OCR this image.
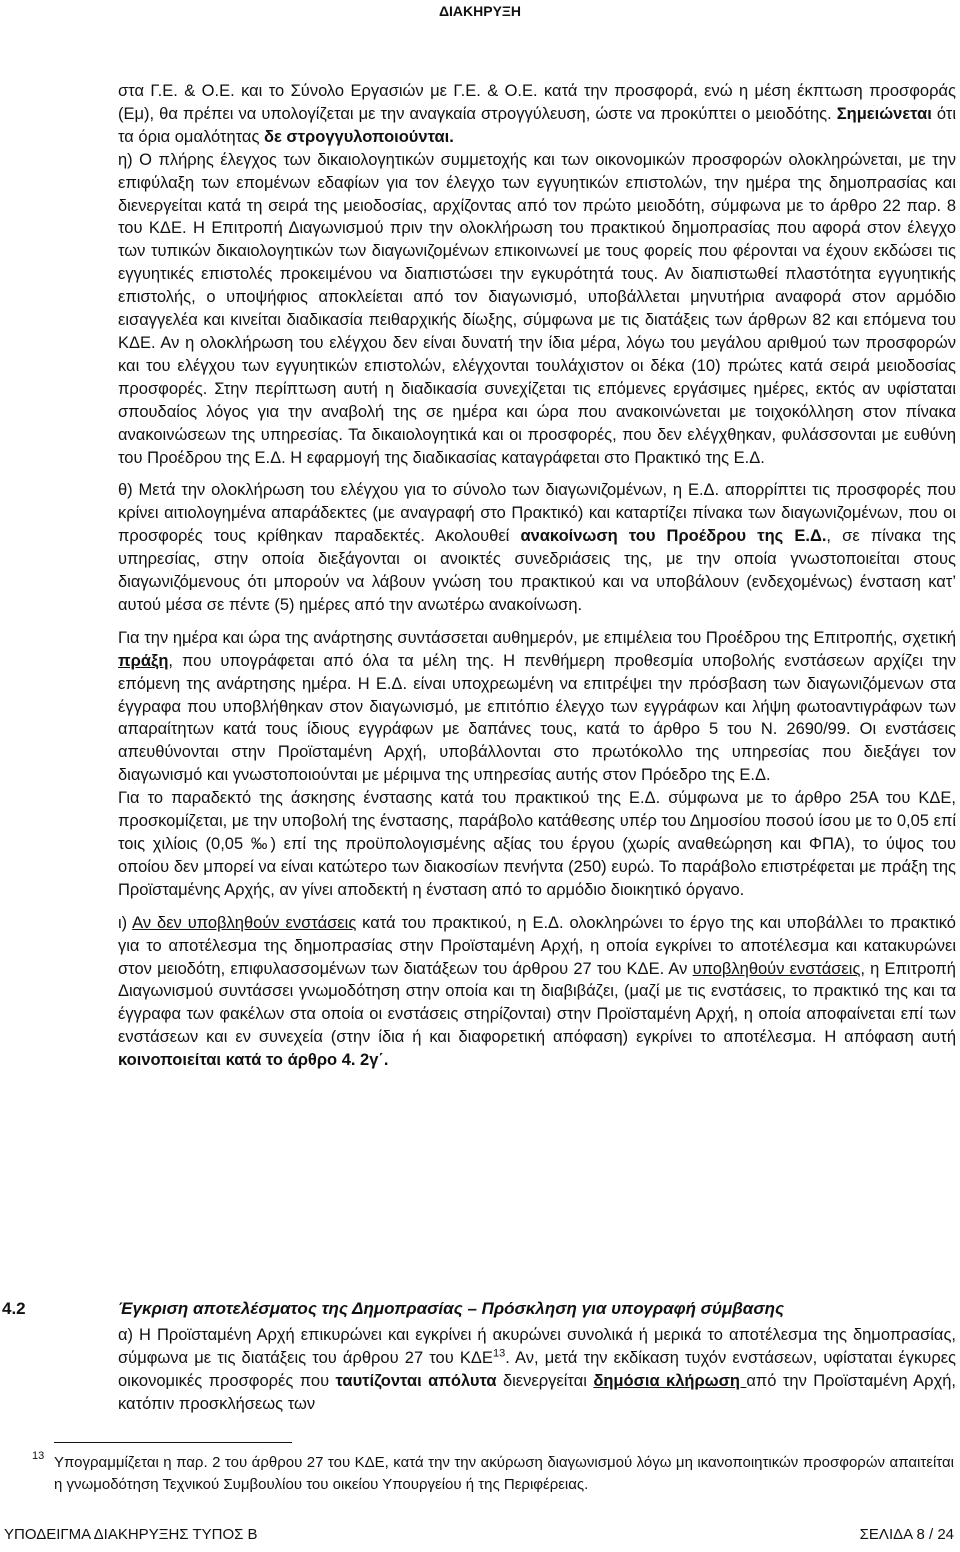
ΔΙΑΚΗΡΥΞΗ

στα Γ.Ε. & Ο.Ε. και το Σύνολο Εργασιών με Γ.Ε. & Ο.Ε. κατά την προσφορά, ενώ η μέση έκπτωση προσφοράς (Εμ), θα πρέπει να υπολογίζεται με την αναγκαία στρογγύλευση, ώστε να προκύπτει ο μειοδότης. Σημειώνεται ότι τα όρια ομαλότητας δε στρογγυλοποιούνται.

η) Ο πλήρης έλεγχος των δικαιολογητικών συμμετοχής και των οικονομικών προσφορών ολοκληρώνεται, με την επιφύλαξη των επομένων εδαφίων για τον έλεγχο των εγγυητικών επιστολών, την ημέρα της δημοπρασίας και διενεργείται κατά τη σειρά της μειοδοσίας, αρχίζοντας από τον πρώτο μειοδότη, σύμφωνα με το άρθρο 22 παρ. 8 του ΚΔΕ. Η Επιτροπή Διαγωνισμού πριν την ολοκλήρωση του πρακτικού δημοπρασίας που αφορά στον έλεγχο των τυπικών δικαιολογητικών των διαγωνιζομένων επικοινωνεί με τους φορείς που φέρονται να έχουν εκδώσει τις εγγυητικές επιστολές προκειμένου να διαπιστώσει την εγκυρότητά τους. Αν διαπιστωθεί πλαστότητα εγγυητικής επιστολής, ο υποψήφιος αποκλείεται από τον διαγωνισμό, υποβάλλεται μηνυτήρια αναφορά στον αρμόδιο εισαγγελέα και κινείται διαδικασία πειθαρχικής δίωξης, σύμφωνα με τις διατάξεις των άρθρων 82 και επόμενα του ΚΔΕ. Αν η ολοκλήρωση του ελέγχου δεν είναι δυνατή την ίδια μέρα, λόγω του μεγάλου αριθμού των προσφορών και του ελέγχου των εγγυητικών επιστολών, ελέγχονται τουλάχιστον οι δέκα (10) πρώτες κατά σειρά μειοδοσίας προσφορές. Στην περίπτωση αυτή η διαδικασία συνεχίζεται τις επόμενες εργάσιμες ημέρες, εκτός αν υφίσταται σπουδαίος λόγος για την αναβολή της σε ημέρα και ώρα που ανακοινώνεται με τοιχοκόλληση στον πίνακα ανακοινώσεων της υπηρεσίας. Τα δικαιολογητικά και οι προσφορές, που δεν ελέγχθηκαν, φυλάσσονται με ευθύνη του Προέδρου της Ε.Δ. Η εφαρμογή της διαδικασίας καταγράφεται στο Πρακτικό της Ε.Δ.

θ) Μετά την ολοκλήρωση του ελέγχου για το σύνολο των διαγωνιζομένων, η Ε.Δ. απορρίπτει τις προσφορές που κρίνει αιτιολογημένα απαράδεκτες (με αναγραφή στο Πρακτικό) και καταρτίζει πίνακα των διαγωνιζομένων, που οι προσφορές τους κρίθηκαν παραδεκτές. Ακολουθεί ανακοίνωση του Προέδρου της Ε.Δ., σε πίνακα της υπηρεσίας, στην οποία διεξάγονται οι ανοικτές συνεδριάσεις της, με την οποία γνωστοποιείται στους διαγωνιζόμενους ότι μπορούν να λάβουν γνώση του πρακτικού και να υποβάλουν (ενδεχομένως) ένσταση κατ’ αυτού μέσα σε πέντε (5) ημέρες από την ανωτέρω ανακοίνωση.

Για την ημέρα και ώρα της ανάρτησης συντάσσεται αυθημερόν, με επιμέλεια του Προέδρου της Επιτροπής, σχετική πράξη, που υπογράφεται από όλα τα μέλη της. Η πενθήμερη προθεσμία υποβολής ενστάσεων αρχίζει την επόμενη της ανάρτησης ημέρα. Η Ε.Δ. είναι υποχρεωμένη να επιτρέψει την πρόσβαση των διαγωνιζόμενων στα έγγραφα που υποβλήθηκαν στον διαγωνισμό, με επιτόπιο έλεγχο των εγγράφων και λήψη φωτοαντιγράφων των απαραίτητων κατά τους ίδιους εγγράφων με δαπάνες τους, κατά το άρθρο 5 του Ν. 2690/99. Οι ενστάσεις απευθύνονται στην Προϊσταμένη Αρχή, υποβάλλονται στο πρωτόκολλο της υπηρεσίας που διεξάγει τον διαγωνισμό και γνωστοποιούνται με μέριμνα της υπηρεσίας αυτής στον Πρόεδρο της Ε.Δ.

Για το παραδεκτό της άσκησης ένστασης κατά του πρακτικού της Ε.Δ. σύμφωνα με το άρθρο 25Α του ΚΔΕ, προσκομίζεται, με την υποβολή της ένστασης, παράβολο κατάθεσης υπέρ του Δημοσίου ποσού ίσου με το 0,05 επί τοις χιλίοις (0,05 ‰) επί της προϋπολογισμένης αξίας του έργου (χωρίς αναθεώρηση και ΦΠΑ), το ύψος του οποίου δεν μπορεί να είναι κατώτερο των διακοσίων πενήντα (250) ευρώ. Το παράβολο επιστρέφεται με πράξη της Προϊσταμένης Αρχής, αν γίνει αποδεκτή η ένσταση από το αρμόδιο διοικητικό όργανο.

ι) Αν δεν υποβληθούν ενστάσεις κατά του πρακτικού, η Ε.Δ. ολοκληρώνει το έργο της και υποβάλλει το πρακτικό για το αποτέλεσμα της δημοπρασίας στην Προϊσταμένη Αρχή, η οποία εγκρίνει το αποτέλεσμα και κατακυρώνει στον μειοδότη, επιφυλασσομένων των διατάξεων του άρθρου 27 του ΚΔΕ. Αν υποβληθούν ενστάσεις, η Επιτροπή Διαγωνισμού συντάσσει γνωμοδότηση στην οποία και τη διαβιβάζει, (μαζί με τις ενστάσεις, το πρακτικό της και τα έγγραφα των φακέλων στα οποία οι ενστάσεις στηρίζονται) στην Προϊσταμένη Αρχή, η οποία αποφαίνεται επί των ενστάσεων και εν συνεχεία (στην ίδια ή και διαφορετική απόφαση) εγκρίνει το αποτέλεσμα. Η απόφαση αυτή κοινοποιείται κατά το άρθρο 4. 2γ΄.

4.2	Έγκριση αποτελέσματος της Δημοπρασίας – Πρόσκληση για υπογραφή σύμβασης

α) Η Προϊσταμένη Αρχή επικυρώνει και εγκρίνει ή ακυρώνει συνολικά ή μερικά το αποτέλεσμα της δημοπρασίας, σύμφωνα με τις διατάξεις του άρθρου 27 του ΚΔΕ$^{13}$. Αν, μετά την εκδίκαση τυχόν ενστάσεων, υφίσταται έγκυρες οικονομικές προσφορές που ταυτίζονται απόλυτα διενεργείται δημόσια κλήρωση από την Προϊσταμένη Αρχή, κατόπιν προσκλήσεως των

13 Υπογραμμίζεται η παρ. 2 του άρθρου 27 του ΚΔΕ, κατά την την ακύρωση διαγωνισμού λόγω μη ικανοποιητικών προσφορών απαιτείται η γνωμοδότηση Τεχνικού Συμβουλίου του οικείου Υπουργείου ή της Περιφέρειας.
ΥΠΟΔΕΙΓΜΑ ΔΙΑΚΗΡΥΞΗΣ ΤΥΠΟΣ Β	ΣΕΛΙΔΑ 8 / 24
